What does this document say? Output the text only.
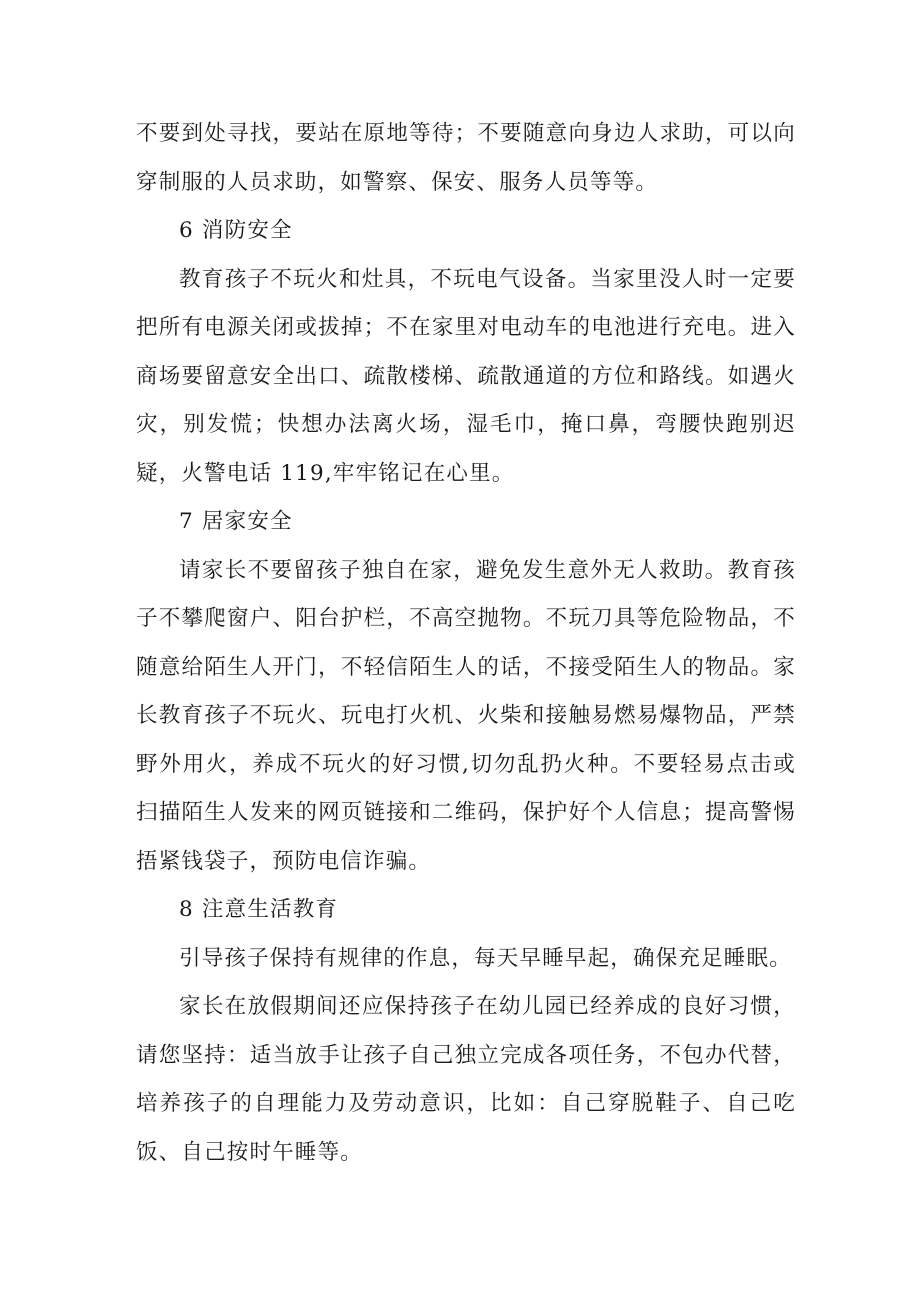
不要到处寻找，要站在原地等待；不要随意向身边人求助，可以向穿制服的人员求助，如警察、保安、服务人员等等。

6 消防安全

教育孩子不玩火和灶具，不玩电气设备。当家里没人时一定要把所有电源关闭或拔掉；不在家里对电动车的电池进行充电。进入商场要留意安全出口、疏散楼梯、疏散通道的方位和路线。如遇火灾，别发慌；快想办法离火场，湿毛巾，掩口鼻，弯腰快跑别迟疑，火警电话 119,牢牢铭记在心里。

7 居家安全

请家长不要留孩子独自在家，避免发生意外无人救助。教育孩子不攀爬窗户、阳台护栏，不高空抛物。不玩刀具等危险物品，不随意给陌生人开门，不轻信陌生人的话，不接受陌生人的物品。家长教育孩子不玩火、玩电打火机、火柴和接触易燃易爆物品，严禁野外用火，养成不玩火的好习惯,切勿乱扔火种。不要轻易点击或扫描陌生人发来的网页链接和二维码，保护好个人信息；提高警惕捂紧钱袋子，预防电信诈骗。

8 注意生活教育

引导孩子保持有规律的作息，每天早睡早起，确保充足睡眠。

家长在放假期间还应保持孩子在幼儿园已经养成的良好习惯，请您坚持：适当放手让孩子自己独立完成各项任务，不包办代替，培养孩子的自理能力及劳动意识，比如：自己穿脱鞋子、自己吃饭、自己按时午睡等。
